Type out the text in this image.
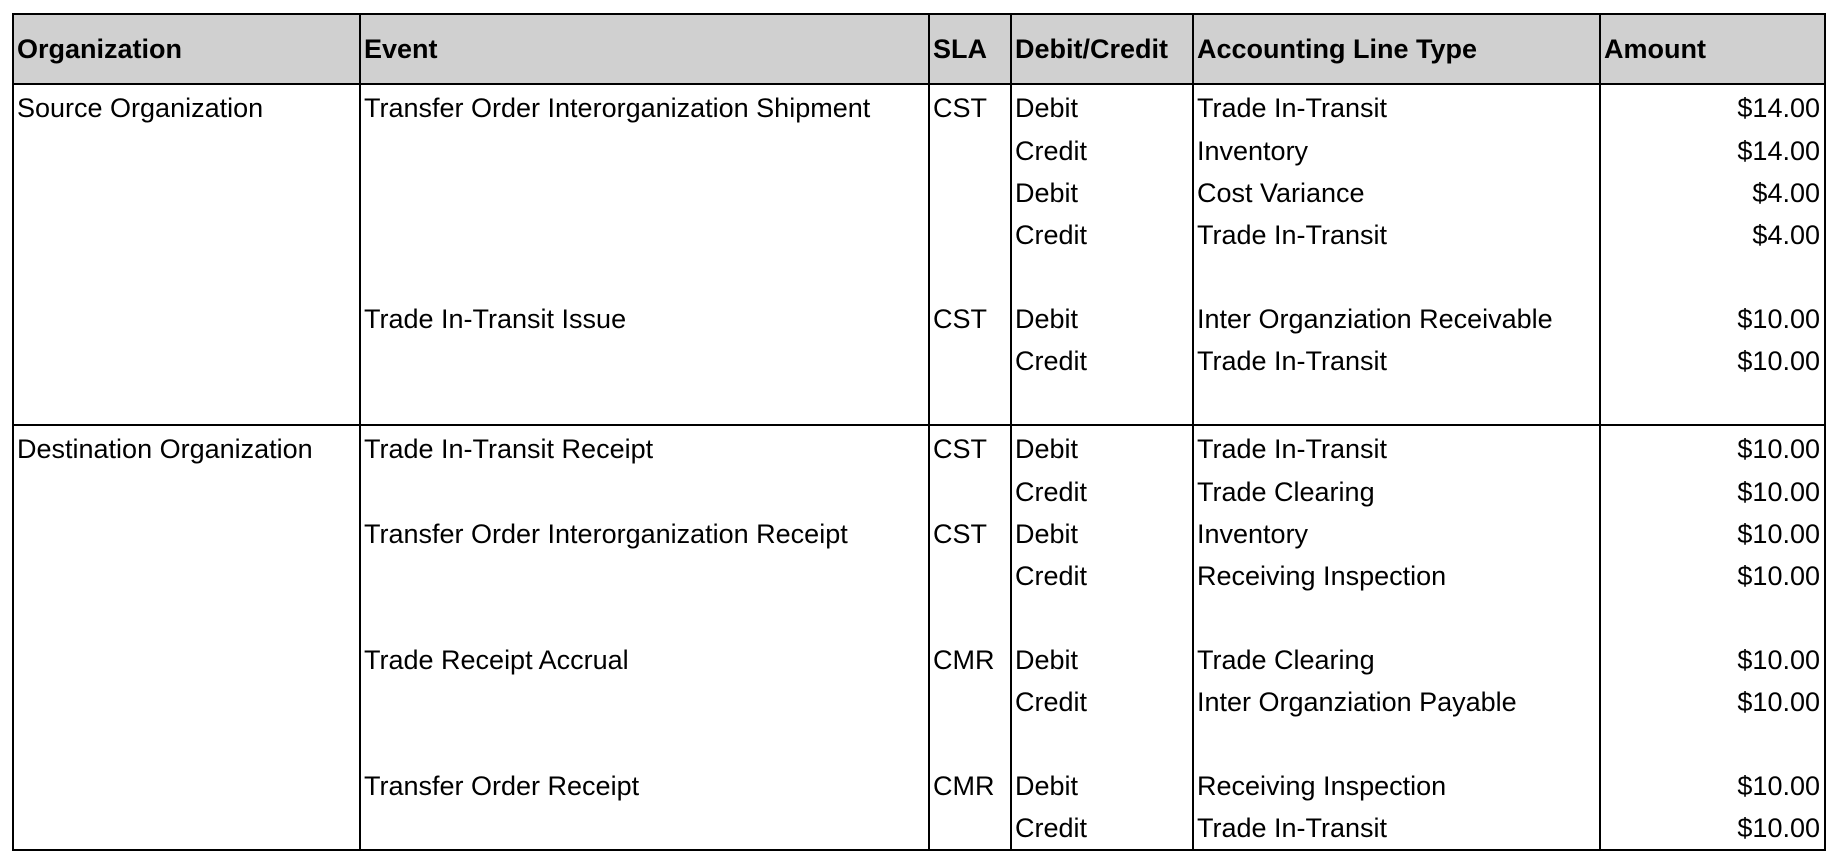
Organization	Event	SLA	Debit/Credit	Accounting Line Type	Amount
Source Organization	Transfer Order Interorganization Shipment	CST	Debit	Trade In-Transit	$14.00
			Credit	Inventory	$14.00
			Debit	Cost Variance	$4.00
			Credit	Trade In-Transit	$4.00

	Trade In-Transit Issue	CST	Debit	Inter Organziation Receivable	$10.00
			Credit	Trade In-Transit	$10.00

Destination Organization	Trade In-Transit Receipt	CST	Debit	Trade In-Transit	$10.00
			Credit	Trade Clearing	$10.00
	Transfer Order Interorganization Receipt	CST	Debit	Inventory	$10.00
			Credit	Receiving Inspection	$10.00

	Trade Receipt Accrual	CMR	Debit	Trade Clearing	$10.00
			Credit	Inter Organziation Payable	$10.00

	Transfer Order Receipt	CMR	Debit	Receiving Inspection	$10.00
			Credit	Trade In-Transit	$10.00
